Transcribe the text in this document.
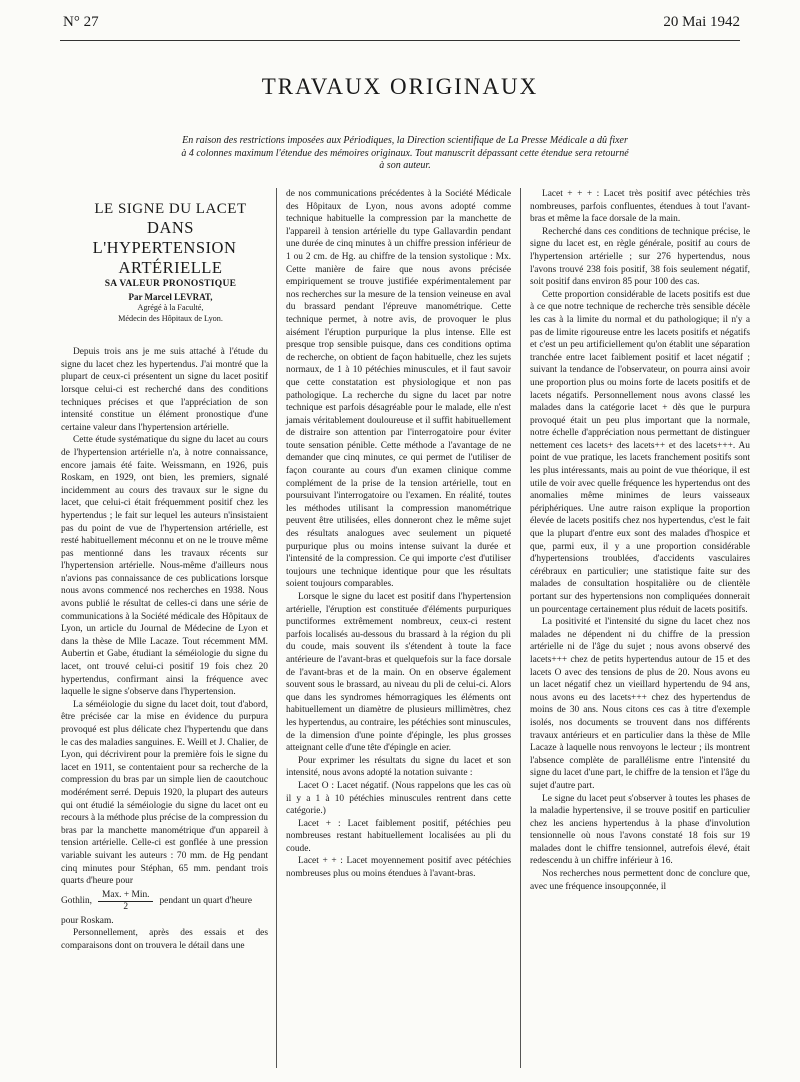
N° 27	20 Mai 1942
TRAVAUX ORIGINAUX
En raison des restrictions imposées aux Périodiques, la Direction scientifique de La Presse Médicale a dû fixer à 4 colonnes maximum l'étendue des mémoires originaux. Tout manuscrit dépassant cette étendue sera retourné à son auteur.

LE SIGNE DU LACET

DANS L'HYPERTENSION

ARTÉRIELLE

SA VALEUR PRONOSTIQUE

Par Marcel LEVRAT,

Agrégé à la Faculté,

Médecin des Hôpitaux de Lyon.

Depuis trois ans je me suis attaché à l'étude du signe du lacet chez les hypertendus. J'ai montré que la plupart de ceux-ci présentent un signe du lacet positif lorsque celui-ci est recherché dans des conditions techniques précises et que l'appréciation de son intensité constitue un élément pronostique d'une certaine valeur dans l'hypertension artérielle.

Cette étude systématique du signe du lacet au cours de l'hypertension artérielle n'a, à notre connaissance, encore jamais été faite. Weissmann, en 1926, puis Roskam, en 1929, ont bien, les premiers, signalé incidemment au cours des travaux sur le signe du lacet, que celui-ci était fréquemment positif chez les hypertendus ; le fait sur lequel les auteurs n'insistaient pas du point de vue de l'hypertension artérielle, est resté habituellement méconnu et on ne le trouve même pas mentionné dans les travaux récents sur l'hypertension artérielle. Nous-même d'ailleurs nous n'avions pas connaissance de ces publications lorsque nous avons commencé nos recherches en 1938. Nous avons publié le résultat de celles-ci dans une série de communications à la Société médicale des Hôpitaux de Lyon, un article du Journal de Médecine de Lyon et dans la thèse de Mlle Lacaze. Tout récemment MM. Aubertin et Gabe, étudiant la séméiologie du signe du lacet, ont trouvé celui-ci positif 19 fois chez 20 hypertendus, confirmant ainsi la fréquence avec laquelle le signe s'observe dans l'hypertension.

La séméiologie du signe du lacet doit, tout d'abord, être précisée car la mise en évidence du purpura provoqué est plus délicate chez l'hypertendu que dans le cas des maladies sanguines. E. Weill et J. Chalier, de Lyon, qui décrivirent pour la première fois le signe du lacet en 1911, se contentaient pour sa recherche de la compression du bras par un simple lien de caoutchouc modérément serré. Depuis 1920, la plupart des auteurs qui ont étudié la séméiologie du signe du lacet ont eu recours à la méthode plus précise de la compression du bras par la manchette manométrique d'un appareil à tension artérielle. Celle-ci est gonflée à une pression variable suivant les auteurs : 70 mm. de Hg pendant cinq minutes pour Stéphan, 65 mm. pendant trois quarts d'heure pour

Gothlin, $\frac{\text{Max. + Min.}}{2}$ pendant un quart d'heure

pour Roskam.

Personnellement, après des essais et des comparaisons dont on trouvera le détail dans une

de nos communications précédentes à la Société Médicale des Hôpitaux de Lyon, nous avons adopté comme technique habituelle la compression par la manchette de l'appareil à tension artérielle du type Gallavardin pendant une durée de cinq minutes à un chiffre pression inférieur de 1 ou 2 cm. de Hg. au chiffre de la tension systolique : Mx. Cette manière de faire que nous avons précisée empiriquement se trouve justifiée expérimentalement par nos recherches sur la mesure de la tension veineuse en aval du brassard pendant l'épreuve manométrique. Cette technique permet, à notre avis, de provoquer le plus aisément l'éruption purpurique la plus intense. Elle est presque trop sensible puisque, dans ces conditions optima de recherche, on obtient de façon habituelle, chez les sujets normaux, de 1 à 10 pétéchies minuscules, et il faut savoir que cette constatation est physiologique et non pas pathologique. La recherche du signe du lacet par notre technique est parfois désagréable pour le malade, elle n'est jamais véritablement douloureuse et il suffit habituellement de distraire son attention par l'interrogatoire pour éviter toute sensation pénible. Cette méthode a l'avantage de ne demander que cinq minutes, ce qui permet de l'utiliser de façon courante au cours d'un examen clinique comme complément de la prise de la tension artérielle, tout en poursuivant l'interrogatoire ou l'examen. En réalité, toutes les méthodes utilisant la compression manométrique peuvent être utilisées, elles donneront chez le même sujet des résultats analogues avec seulement un piqueté purpurique plus ou moins intense suivant la durée et l'intensité de la compression. Ce qui importe c'est d'utiliser toujours une technique identique pour que les résultats soient toujours comparables.

Lorsque le signe du lacet est positif dans l'hypertension artérielle, l'éruption est constituée d'éléments purpuriques punctiformes extrêmement nombreux, ceux-ci restent parfois localisés au-dessous du brassard à la région du pli du coude, mais souvent ils s'étendent à toute la face antérieure de l'avant-bras et quelquefois sur la face dorsale de l'avant-bras et de la main. On en observe également souvent sous le brassard, au niveau du pli de celui-ci. Alors que dans les syndromes hémorragiques les éléments ont habituellement un diamètre de plusieurs millimètres, chez les hypertendus, au contraire, les pétéchies sont minuscules, de la dimension d'une pointe d'épingle, les plus grosses atteignant celle d'une tête d'épingle en acier.

Pour exprimer les résultats du signe du lacet et son intensité, nous avons adopté la notation suivante :

Lacet O : Lacet négatif. (Nous rappelons que les cas où il y a 1 à 10 pétéchies minuscules rentrent dans cette catégorie.)

Lacet + : Lacet faiblement positif, pétéchies peu nombreuses restant habituellement localisées au pli du coude.

Lacet + + : Lacet moyennement positif avec pétéchies nombreuses plus ou moins étendues à l'avant-bras.

Lacet + + + : Lacet très positif avec pétéchies très nombreuses, parfois confluentes, étendues à tout l'avant-bras et même la face dorsale de la main.

Recherché dans ces conditions de technique précise, le signe du lacet est, en règle générale, positif au cours de l'hypertension artérielle ; sur 276 hypertendus, nous l'avons trouvé 238 fois positif, 38 fois seulement négatif, soit positif dans environ 85 pour 100 des cas.

Cette proportion considérable de lacets positifs est due à ce que notre technique de recherche très sensible décèle les cas à la limite du normal et du pathologique; il n'y a pas de limite rigoureuse entre les lacets positifs et négatifs et c'est un peu artificiellement qu'on établit une séparation tranchée entre lacet faiblement positif et lacet négatif ; suivant la tendance de l'observateur, on pourra ainsi avoir une proportion plus ou moins forte de lacets positifs et de lacets négatifs. Personnellement nous avons classé les malades dans la catégorie lacet + dès que le purpura provoqué était un peu plus important que la normale, notre échelle d'appréciation nous permettant de distinguer nettement ces lacets+ des lacets++ et des lacets+++. Au point de vue pratique, les lacets franchement positifs sont les plus intéressants, mais au point de vue théorique, il est utile de voir avec quelle fréquence les hypertendus ont des anomalies même minimes de leurs vaisseaux périphériques. Une autre raison explique la proportion élevée de lacets positifs chez nos hypertendus, c'est le fait que la plupart d'entre eux sont des malades d'hospice et que, parmi eux, il y a une proportion considérable d'hypertensions troublées, d'accidents vasculaires cérébraux en particulier; une statistique faite sur des malades de consultation hospitalière ou de clientèle portant sur des hypertensions non compliquées donnerait un pourcentage certainement plus réduit de lacets positifs.

La positivité et l'intensité du signe du lacet chez nos malades ne dépendent ni du chiffre de la pression artérielle ni de l'âge du sujet ; nous avons observé des lacets+++ chez de petits hypertendus autour de 15 et des lacets O avec des tensions de plus de 20. Nous avons eu un lacet négatif chez un vieillard hypertendu de 94 ans, nous avons eu des lacets+++ chez des hypertendus de moins de 30 ans. Nous citons ces cas à titre d'exemple isolés, nos documents se trouvent dans nos différents travaux antérieurs et en particulier dans la thèse de Mlle Lacaze à laquelle nous renvoyons le lecteur ; ils montrent l'absence complète de parallélisme entre l'intensité du signe du lacet d'une part, le chiffre de la tension et l'âge du sujet d'autre part.

Le signe du lacet peut s'observer à toutes les phases de la maladie hypertensive, il se trouve positif en particulier chez les anciens hypertendus à la phase d'involution tensionnelle où nous l'avons constaté 18 fois sur 19 malades dont le chiffre tensionnel, autrefois élevé, était redescendu à un chiffre inférieur à 16.

Nos recherches nous permettent donc de conclure que, avec une fréquence insoupçonnée, il
